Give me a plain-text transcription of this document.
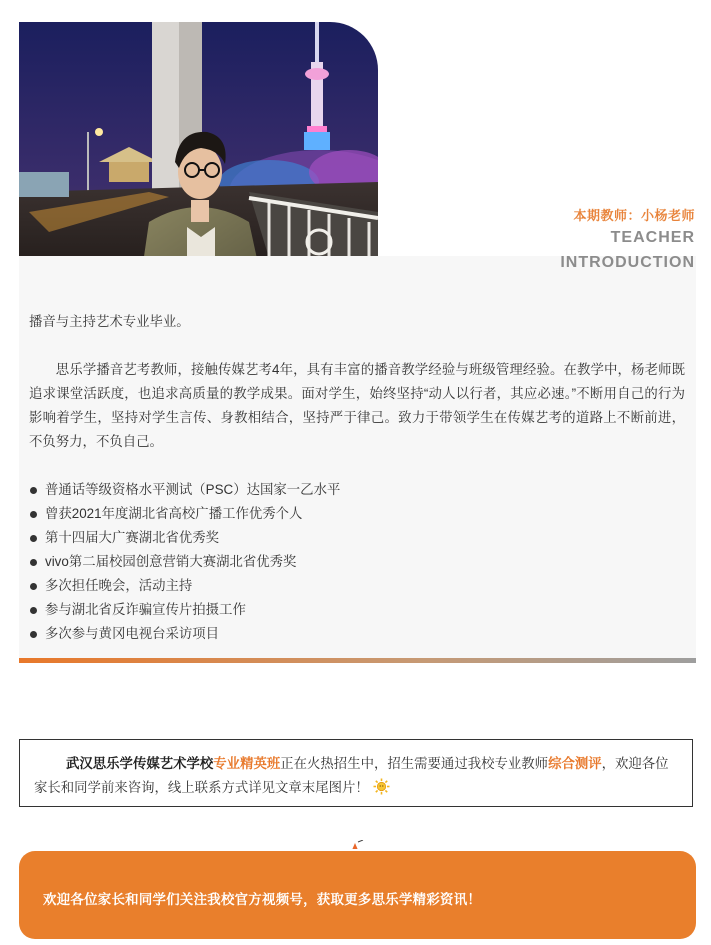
本期教师：小杨老师
TEACHER
INTRODUCTION

播音与主持艺术专业毕业。

思乐学播音艺考教师，接触传媒艺考4年，具有丰富的播音教学经验与班级管理经验。在教学中，杨老师既追求课堂活跃度，也追求高质量的教学成果。面对学生，始终坚持“动人以行者，其应必速。”不断用自己的行为影响着学生，坚持对学生言传、身教相结合，坚持严于律己。致力于带领学生在传媒艺考的道路上不断前进，不负努力，不负自己。

普通话等级资格水平测试（PSC）达国家一乙水平
曾获2021年度湖北省高校广播工作优秀个人
第十四届大广赛湖北省优秀奖
vivo第二届校园创意营销大赛湖北省优秀奖
多次担任晚会，活动主持
参与湖北省反诈骗宣传片拍摄工作
多次参与黄冈电视台采访项目
武汉思乐学传媒艺术学校专业精英班正在火热招生中，招生需要通过我校专业教师综合测评，欢迎各位家长和同学前来咨询，线上联系方式详见文章末尾图片！
欢迎各位家长和同学们关注我校官方视频号，获取更多思乐学精彩资讯！
